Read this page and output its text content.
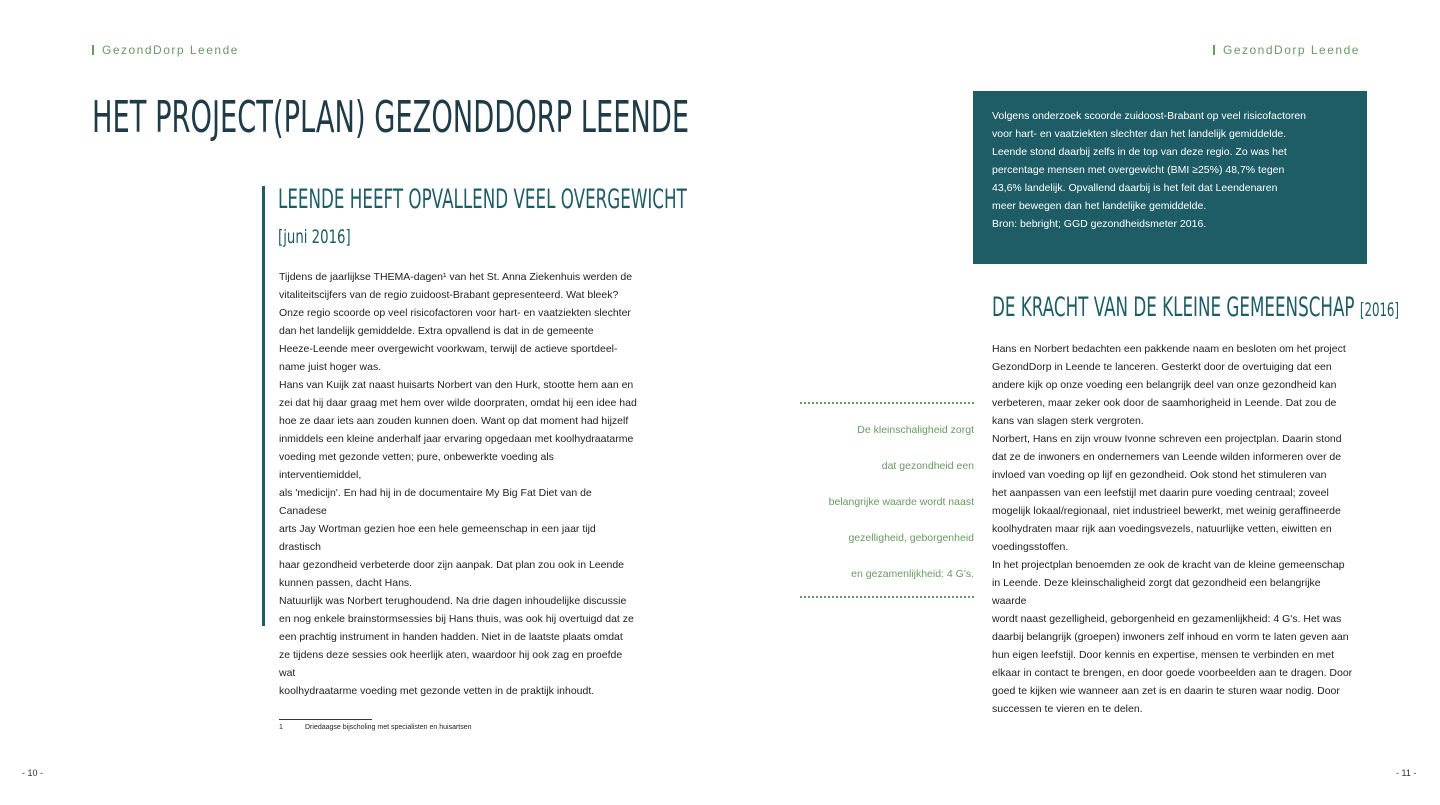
GezondDorp Leende	GezondDorp Leende
HET PROJECT(PLAN) GEZONDDORP LEENDE
LEENDE HEEFT OPVALLEND VEEL OVERGEWICHT
[juni 2016]

Tijdens de jaarlijkse THEMA-dagen¹ van het St. Anna Ziekenhuis werden de

vitaliteitscijfers van de regio zuidoost-Brabant gepresenteerd. Wat bleek?

Onze regio scoorde op veel risicofactoren voor hart- en vaatziekten slechter

dan het landelijk gemiddelde. Extra opvallend is dat in de gemeente

Heeze-Leende meer overgewicht voorkwam, terwijl de actieve sportdeel-

name juist hoger was.

Hans van Kuijk zat naast huisarts Norbert van den Hurk, stootte hem aan en

zei dat hij daar graag met hem over wilde doorpraten, omdat hij een idee had

hoe ze daar iets aan zouden kunnen doen. Want op dat moment had hijzelf

inmiddels een kleine anderhalf jaar ervaring opgedaan met koolhydraatarme

voeding met gezonde vetten; pure, onbewerkte voeding als interventiemiddel,

als 'medicijn'. En had hij in de documentaire My Big Fat Diet van de Canadese

arts Jay Wortman gezien hoe een hele gemeenschap in een jaar tijd drastisch

haar gezondheid verbeterde door zijn aanpak. Dat plan zou ook in Leende

kunnen passen, dacht Hans.

Natuurlijk was Norbert terughoudend. Na drie dagen inhoudelijke discussie

en nog enkele brainstormsessies bij Hans thuis, was ook hij overtuigd dat ze

een prachtig instrument in handen hadden. Niet in de laatste plaats omdat

ze tijdens deze sessies ook heerlijk aten, waardoor hij ook zag en proefde wat

koolhydraatarme voeding met gezonde vetten in de praktijk inhoudt.

De kleinschaligheid zorgt
dat gezondheid een
belangrijke waarde wordt naast
gezelligheid, geborgenheid
en gezamenlijkheid: 4 G's.

Volgens onderzoek scoorde zuidoost-Brabant op veel risicofactoren

voor hart- en vaatziekten slechter dan het landelijk gemiddelde.

Leende stond daarbij zelfs in de top van deze regio. Zo was het

percentage mensen met overgewicht (BMI ≥25%) 48,7% tegen

43,6% landelijk. Opvallend daarbij is het feit dat Leendenaren

meer bewegen dan het landelijke gemiddelde.

Bron: bebright; GGD gezondheidsmeter 2016.

DE KRACHT VAN DE KLEINE GEMEENSCHAP [2016]

Hans en Norbert bedachten een pakkende naam en besloten om het project

GezondDorp in Leende te lanceren. Gesterkt door de overtuiging dat een

andere kijk op onze voeding een belangrijk deel van onze gezondheid kan

verbeteren, maar zeker ook door de saamhorigheid in Leende. Dat zou de

kans van slagen sterk vergroten.

Norbert, Hans en zijn vrouw Ivonne schreven een projectplan. Daarin stond

dat ze de inwoners en ondernemers van Leende wilden informeren over de

invloed van voeding op lijf en gezondheid. Ook stond het stimuleren van

het aanpassen van een leefstijl met daarin pure voeding centraal; zoveel

mogelijk lokaal/regionaal, niet industrieel bewerkt, met weinig geraffineerde

koolhydraten maar rijk aan voedingsvezels, natuurlijke vetten, eiwitten en

voedingsstoffen.

In het projectplan benoemden ze ook de kracht van de kleine gemeenschap

in Leende. Deze kleinschaligheid zorgt dat gezondheid een belangrijke waarde

wordt naast gezelligheid, geborgenheid en gezamenlijkheid: 4 G's. Het was

daarbij belangrijk (groepen) inwoners zelf inhoud en vorm te laten geven aan

hun eigen leefstijl. Door kennis en expertise, mensen te verbinden en met

elkaar in contact te brengen, en door goede voorbeelden aan te dragen. Door

goed te kijken wie wanneer aan zet is en daarin te sturen waar nodig. Door

successen te vieren en te delen.

1	Driedaagse bijscholing met specialisten en huisartsen
- 10 -	- 11 -
